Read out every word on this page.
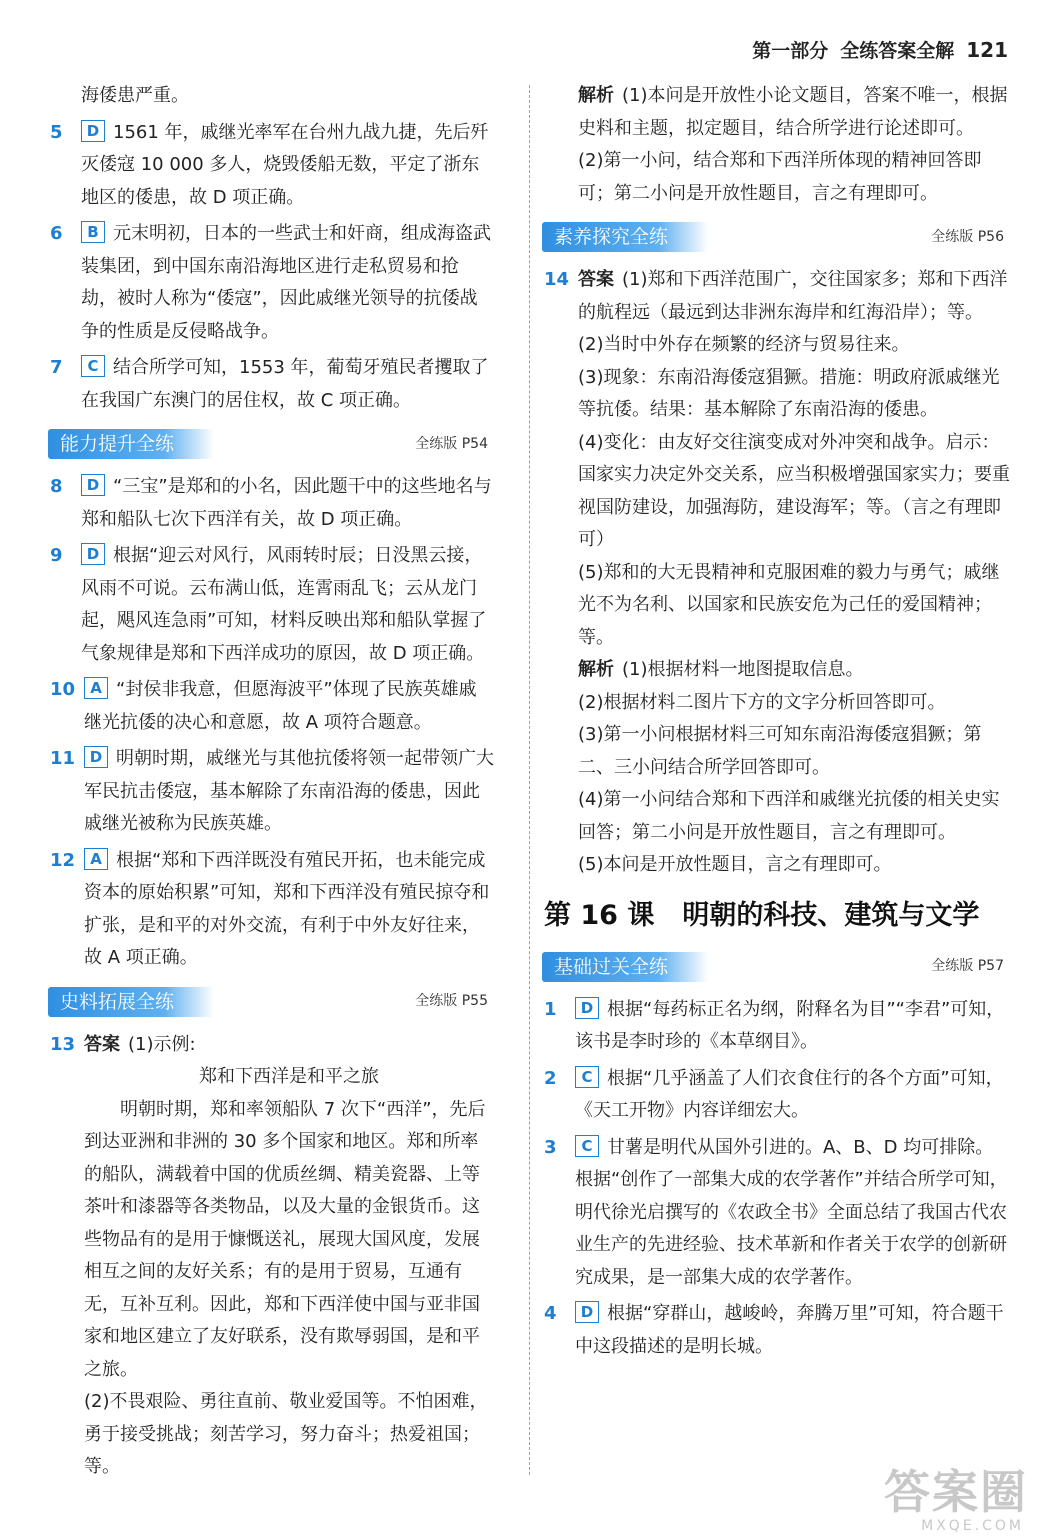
第一部分 全练答案全解 121
海倭患严重。
5 D 1561 年，戚继光率军在台州九战九捷，先后歼灭倭寇 10 000 多人，烧毁倭船无数，平定了浙东地区的倭患，故 D 项正确。
6 B 元末明初，日本的一些武士和奸商，组成海盗武装集团，到中国东南沿海地区进行走私贸易和抢劫，被时人称为“倭寇”，因此戚继光领导的抗倭战争的性质是反侵略战争。
7 C 结合所学可知，1553 年，葡萄牙殖民者攫取了在我国广东澳门的居住权，故 C 项正确。
能力提升全练	全练版 P54
8 D “三宝”是郑和的小名，因此题干中的这些地名与郑和船队七次下西洋有关，故 D 项正确。
9 D 根据“迎云对风行，风雨转时辰；日没黑云接，风雨不可说。云布满山低，连霄雨乱飞；云从龙门起，飓风连急雨”可知，材料反映出郑和船队掌握了气象规律是郑和下西洋成功的原因，故 D 项正确。
10 A “封侯非我意，但愿海波平”体现了民族英雄戚继光抗倭的决心和意愿，故 A 项符合题意。
11 D 明朝时期，戚继光与其他抗倭将领一起带领广大军民抗击倭寇，基本解除了东南沿海的倭患，因此戚继光被称为民族英雄。
12 A 根据“郑和下西洋既没有殖民开拓，也未能完成资本的原始积累”可知，郑和下西洋没有殖民掠夺和扩张，是和平的对外交流，有利于中外友好往来，故 A 项正确。
史料拓展全练	全练版 P55
13 答案 (1)示例:
郑和下西洋是和平之旅
明朝时期，郑和率领船队 7 次下“西洋”，先后到达亚洲和非洲的 30 多个国家和地区。郑和所率的船队，满载着中国的优质丝绸、精美瓷器、上等茶叶和漆器等各类物品，以及大量的金银货币。这些物品有的是用于慷慨送礼，展现大国风度，发展相互之间的友好关系；有的是用于贸易，互通有无，互补互利。因此，郑和下西洋使中国与亚非国家和地区建立了友好联系，没有欺辱弱国，是和平之旅。
(2)不畏艰险、勇往直前、敬业爱国等。不怕困难，勇于接受挑战；刻苦学习，努力奋斗；热爱祖国；等。
解析 (1)本问是开放性小论文题目，答案不唯一，根据史料和主题，拟定题目，结合所学进行论述即可。
(2)第一小问，结合郑和下西洋所体现的精神回答即可；第二小问是开放性题目，言之有理即可。
素养探究全练	全练版 P56
14 答案 (1)郑和下西洋范围广，交往国家多；郑和下西洋的航程远（最远到达非洲东海岸和红海沿岸）；等。
(2)当时中外存在频繁的经济与贸易往来。
(3)现象：东南沿海倭寇猖獗。措施：明政府派戚继光等抗倭。结果：基本解除了东南沿海的倭患。
(4)变化：由友好交往演变成对外冲突和战争。启示：国家实力决定外交关系，应当积极增强国家实力；要重视国防建设，加强海防，建设海军；等。（言之有理即可）
(5)郑和的大无畏精神和克服困难的毅力与勇气；戚继光不为名利、以国家和民族安危为己任的爱国精神；等。
解析 (1)根据材料一地图提取信息。
(2)根据材料二图片下方的文字分析回答即可。
(3)第一小问根据材料三可知东南沿海倭寇猖獗；第二、三小问结合所学回答即可。
(4)第一小问结合郑和下西洋和戚继光抗倭的相关史实回答；第二小问是开放性题目，言之有理即可。
(5)本问是开放性题目，言之有理即可。
第 16 课 明朝的科技、建筑与文学
基础过关全练	全练版 P57
1 D 根据“每药标正名为纲，附释名为目”“李君”可知，该书是李时珍的《本草纲目》。
2 C 根据“几乎涵盖了人们衣食住行的各个方面”可知，《天工开物》内容详细宏大。
3 C 甘薯是明代从国外引进的。A、B、D 均可排除。根据“创作了一部集大成的农学著作”并结合所学可知，明代徐光启撰写的《农政全书》全面总结了我国古代农业生产的先进经验、技术革新和作者关于农学的创新研究成果，是一部集大成的农学著作。
4 D 根据“穿群山，越峻岭，奔腾万里”可知，符合题干中这段描述的是明长城。
答案圈
MXQE.COM
